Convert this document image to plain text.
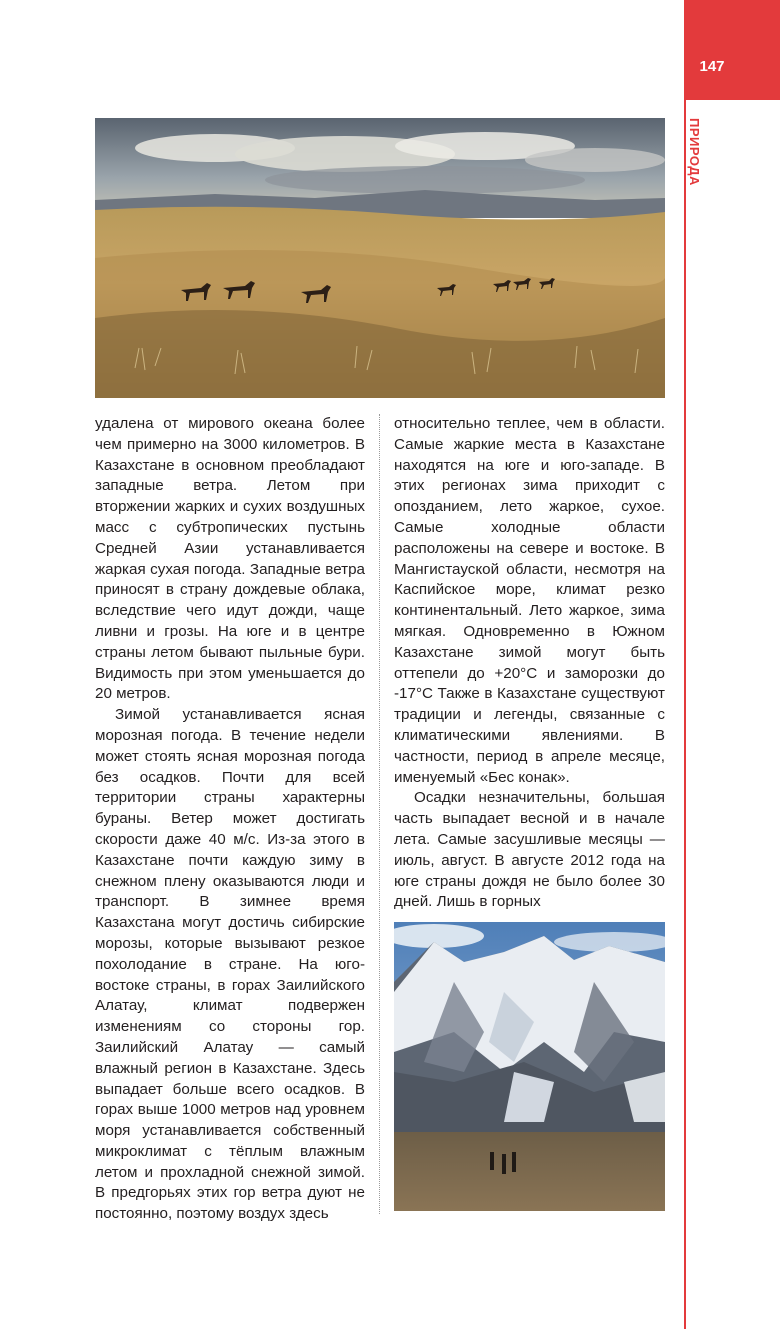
147
ПРИРОДА

удалена от мирового океана более чем примерно на 3000 километров. В Казахстане в основном преобладают западные ветра. Летом при вторжении жарких и сухих воздушных масс с субтропических пустынь Средней Азии устанавливается жаркая сухая погода. Западные ветра приносят в страну дождевые облака, вследствие чего идут дожди, чаще ливни и грозы. На юге и в центре страны летом бывают пыльные бури. Видимость при этом уменьшается до 20 метров.

Зимой устанавливается ясная морозная погода. В течение недели может стоять ясная морозная погода без осадков. Почти для всей территории страны характерны бураны. Ветер может достигать скорости даже 40 м/с. Из-за этого в Казахстане почти каждую зиму в снежном плену оказываются люди и транспорт. В зимнее время Казахстана могут достичь сибирские морозы, которые вызывают резкое похолодание в стране. На юго-востоке страны, в горах Заилийского Алатау, климат подвержен изменениям со стороны гор. Заилийский Алатау — самый влажный регион в Казахстане. Здесь выпадает больше всего осадков. В горах выше 1000 метров над уровнем моря устанавливается собственный микроклимат с тёплым влажным летом и прохладной снежной зимой. В предгорьях этих гор ветра дуют не постоянно, поэтому воздух здесь

относительно теплее, чем в области. Самые жаркие места в Казахстане находятся на юге и юго-западе. В этих регионах зима приходит с опозданием, лето жаркое, сухое. Самые холодные области расположены на севере и востоке. В Мангистауской области, несмотря на Каспийское море, климат резко континентальный. Лето жаркое, зима мягкая. Одновременно в Южном Казахстане зимой могут быть оттепели до +20°С и заморозки до -17°С Также в Казахстане существуют традиции и легенды, связанные с климатическими явлениями. В частности, период в апреле месяце, именуемый «Бес конак».

Осадки незначительны, большая часть выпадает весной и в начале лета. Самые засушливые месяцы — июль, август. В августе 2012 года на юге страны дождя не было более 30 дней. Лишь в горных
